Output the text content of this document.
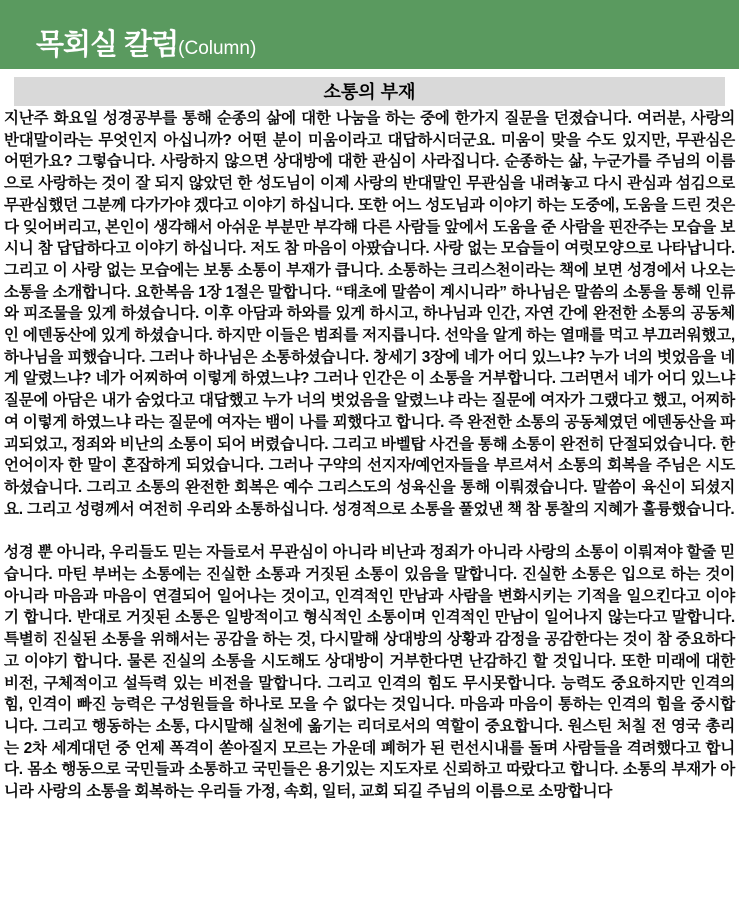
목회실 칼럼(Column)
소통의 부재

지난주 화요일 성경공부를 통해 순종의 삶에 대한 나눔을 하는 중에 한가지 질문을 던졌습니다. 여러분, 사랑의 반대말이라는 무엇인지 아십니까? 어떤 분이 미움이라고 대답하시더군요. 미움이 맞을 수도 있지만, 무관심은 어떤가요? 그렇습니다. 사랑하지 않으면 상대방에 대한 관심이 사라집니다. 순종하는 삶, 누군가를 주님의 이름으로 사랑하는 것이 잘 되지 않았던 한 성도님이 이제 사랑의 반대말인 무관심을 내려놓고 다시 관심과 섬김으로 무관심했던 그분께 다가가야 겠다고 이야기 하십니다. 또한 어느 성도님과 이야기 하는 도중에, 도움을 드린 것은 다 잊어버리고, 본인이 생각해서 아쉬운 부분만 부각해 다른 사람들 앞에서 도움을 준 사람을 핀잔주는 모습을 보시니 참 답답하다고 이야기 하십니다. 저도 참 마음이 아팠습니다. 사랑 없는 모습들이 여럿모양으로 나타납니다. 그리고 이 사랑 없는 모습에는 보통 소통이 부재가 큽니다. 소통하는 크리스천이라는 책에 보면 성경에서 나오는 소통을 소개합니다. 요한복음 1장 1절은 말합니다. “태초에 말씀이 계시니라” 하나님은 말씀의 소통을 통해 인류와 피조물을 있게 하셨습니다. 이후 아담과 하와를 있게 하시고, 하나님과 인간, 자연 간에 완전한 소통의 공동체인 에덴동산에 있게 하셨습니다. 하지만 이들은 범죄를 저지릅니다. 선악을 알게 하는 열매를 먹고 부끄러워했고, 하나님을 피했습니다. 그러나 하나님은 소통하셨습니다. 창세기 3장에 네가 어디 있느냐? 누가 너의 벗었음을 네게 알렸느냐? 네가 어찌하여 이렇게 하였느냐? 그러나 인간은 이 소통을 거부합니다. 그러면서 네가 어디 있느냐 질문에 아담은 내가 숨었다고 대답했고 누가 너의 벗었음을 알렸느냐 라는 질문에 여자가 그랬다고 했고, 어찌하여 이렇게 하였느냐 라는 질문에 여자는 뱀이 나를 꾀했다고 합니다. 즉 완전한 소통의 공동체였던 에덴동산을 파괴되었고, 정죄와 비난의 소통이 되어 버렸습니다. 그리고 바벨탑 사건을 통해 소통이 완전히 단절되었습니다. 한 언어이자 한 말이 혼잡하게 되었습니다. 그러나 구약의 선지자/예언자들을 부르셔서 소통의 회복을 주님은 시도하셨습니다. 그리고 소통의 완전한 회복은 예수 그리스도의 성육신을 통해 이뤄졌습니다. 말씀이 육신이 되셨지요. 그리고 성령께서 여전히 우리와 소통하십니다. 성경적으로 소통을 풀었낸 책 참 통찰의 지혜가 훌륭했습니다.

성경 뿐 아니라, 우리들도 믿는 자들로서 무관심이 아니라 비난과 정죄가 아니라 사랑의 소통이 이뤄져야 할줄 믿습니다. 마틴 부버는 소통에는 진실한 소통과 거짓된 소통이 있음을 말합니다. 진실한 소통은 입으로 하는 것이 아니라 마음과 마음이 연결되어 일어나는 것이고, 인격적인 만남과 사람을 변화시키는 기적을 일으킨다고 이야기 합니다. 반대로 거짓된 소통은 일방적이고 형식적인 소통이며 인격적인 만남이 일어나지 않는다고 말합니다. 특별히 진실된 소통을 위해서는 공감을 하는 것, 다시말해 상대방의 상황과 감정을 공감한다는 것이 참 중요하다고 이야기 합니다. 물론 진실의 소통을 시도해도 상대방이 거부한다면 난감하긴 할 것입니다. 또한 미래에 대한 비전, 구체적이고 설득력 있는 비전을 말합니다. 그리고 인격의 힘도 무시못합니다. 능력도 중요하지만 인격의 힘, 인격이 빠진 능력은 구성원들을 하나로 모을 수 없다는 것입니다. 마음과 마음이 통하는 인격의 힘을 중시합니다. 그리고 행동하는 소통, 다시말해 실천에 옮기는 리더로서의 역할이 중요합니다. 원스틴 처칠 전 영국 총리는 2차 세계대던 중 언제 폭격이 쏟아질지 모르는 가운데 폐허가 된 런선시내를 돌며 사람들을 격려했다고 합니다. 몸소 행동으로 국민들과 소통하고 국민들은 용기있는 지도자로 신뢰하고 따랐다고 합니다. 소통의 부재가 아니라 사랑의 소통을 회복하는 우리들 가정, 속회, 일터, 교회 되길 주님의 이름으로 소망합니다
